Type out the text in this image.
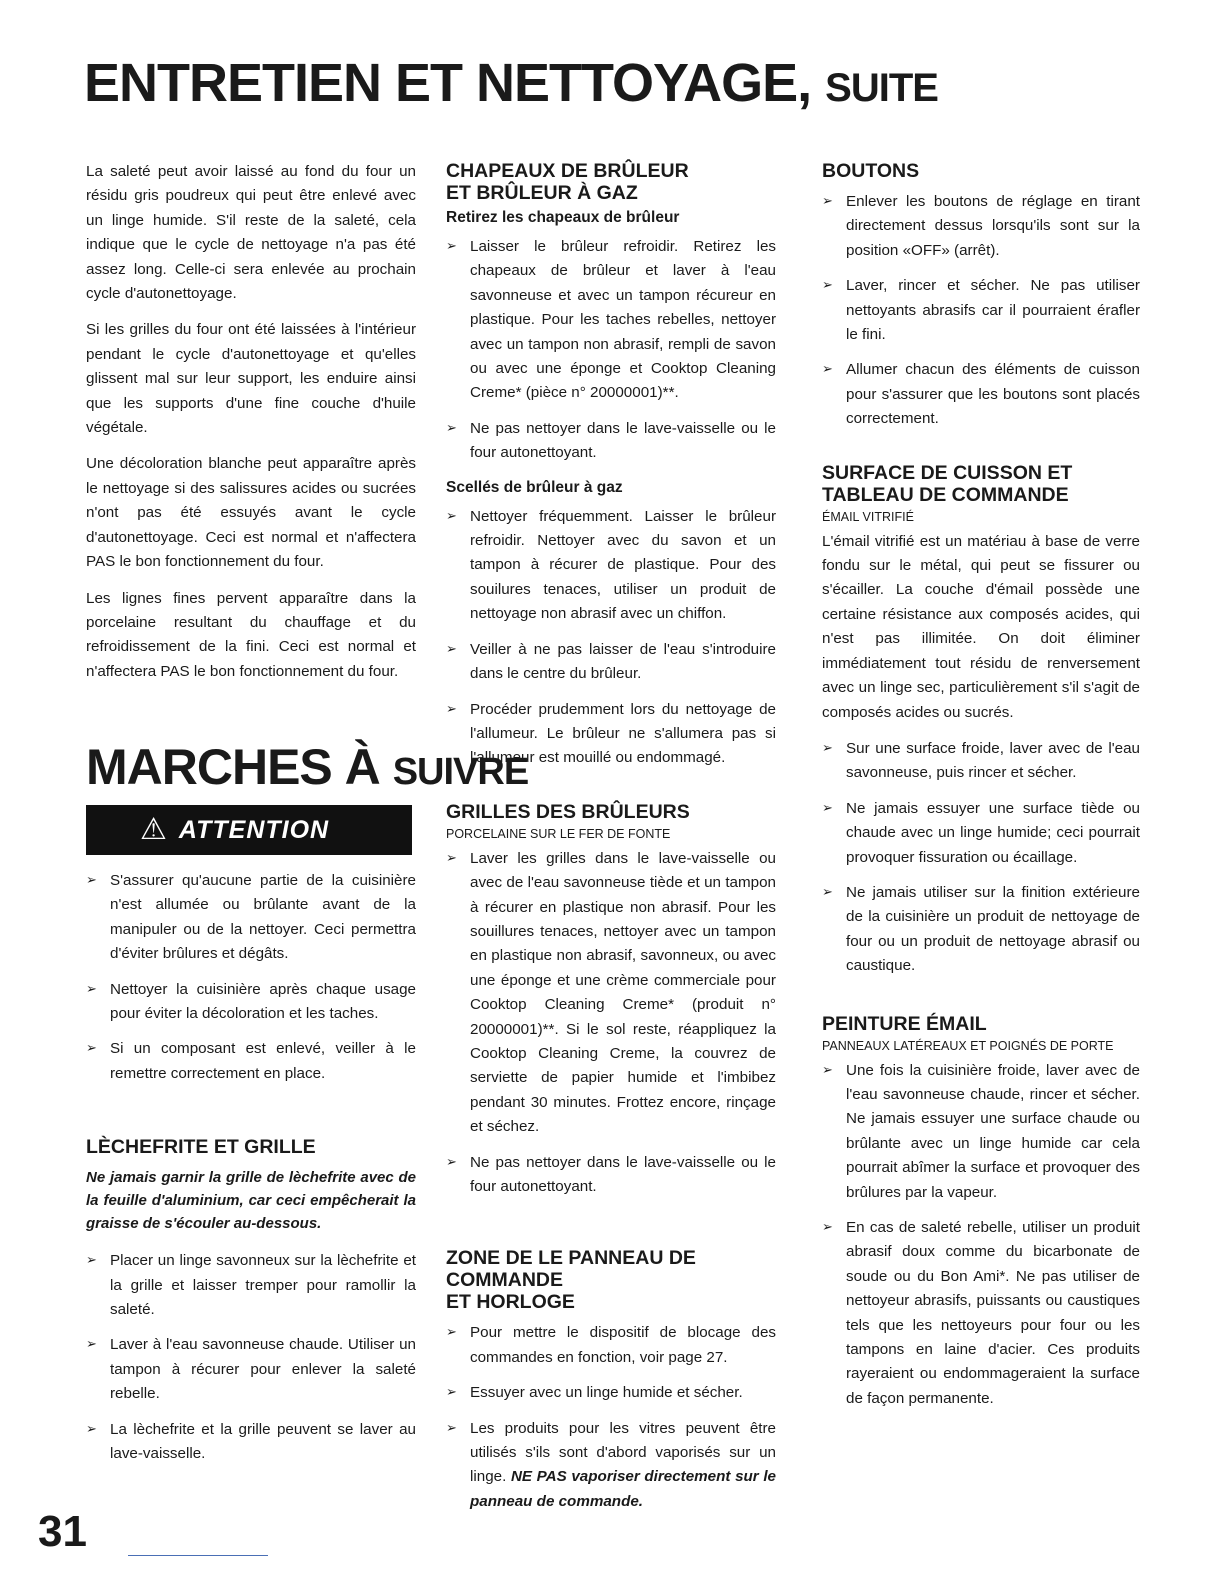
ENTRETIEN ET NETTOYAGE, SUITE

La saleté peut avoir laissé au fond du four un résidu gris poudreux qui peut être enlevé avec un linge humide. S'il reste de la saleté, cela indique que le cycle de nettoyage n'a pas été assez long. Celle-ci sera enlevée au prochain cycle d'autonettoyage.

Si les grilles du four ont été laissées à l'intérieur pendant le cycle d'autonettoyage et qu'elles glissent mal sur leur support, les enduire ainsi que les supports d'une fine couche d'huile végétale.

Une décoloration blanche peut apparaître après le nettoyage si des salissures acides ou sucrées n'ont pas été essuyés avant le cycle d'autonettoyage. Ceci est normal et n'affectera PAS le bon fonctionnement du four.

Les lignes fines pervent apparaître dans la porcelaine resultant du chauffage et du refroidissement de la fini. Ceci est normal et n'affectera PAS le bon fonctionnement du four.

MARCHES À SUIVRE
⚠ ATTENTION
➢ S'assurer qu'aucune partie de la cuisinière n'est allumée ou brûlante avant de la manipuler ou de la nettoyer. Ceci permettra d'éviter brûlures et dégâts.
➢ Nettoyer la cuisinière après chaque usage pour éviter la décoloration et les taches.
➢ Si un composant est enlevé, veiller à le remettre correctement en place.
LÈCHEFRITE ET GRILLE

Ne jamais garnir la grille de lèchefrite avec de la feuille d'aluminium, car ceci empêcherait la graisse de s'écouler au-dessous.

➢ Placer un linge savonneux sur la lèchefrite et la grille et laisser tremper pour ramollir la saleté.
➢ Laver à l'eau savonneuse chaude. Utiliser un tampon à récurer pour enlever la saleté rebelle.
➢ La lèchefrite et la grille peuvent se laver au lave-vaisselle.
CHAPEAUX DE BRÛLEUR
ET BRÛLEUR À GAZ
Retirez les chapeaux de brûleur
➢ Laisser le brûleur refroidir. Retirez les chapeaux de brûleur et laver à l'eau savonneuse et avec un tampon récureur en plastique. Pour les taches rebelles, nettoyer avec un tampon non abrasif, rempli de savon ou avec une éponge et Cooktop Cleaning Creme* (pièce n° 20000001)**.
➢ Ne pas nettoyer dans le lave-vaisselle ou le four autonettoyant.
Scellés de brûleur à gaz
➢ Nettoyer fréquemment. Laisser le brûleur refroidir. Nettoyer avec du savon et un tampon à récurer de plastique. Pour des souilures tenaces, utiliser un produit de nettoyage non abrasif avec un chiffon.
➢ Veiller à ne pas laisser de l'eau s'introduire dans le centre du brûleur.
➢ Procéder prudemment lors du nettoyage de l'allumeur. Le brûleur ne s'allumera pas si l'allumeur est mouillé ou endommagé.
GRILLES DES BRÛLEURS
PORCELAINE SUR LE FER DE FONTE
➢ Laver les grilles dans le lave-vaisselle ou avec de l'eau savonneuse tiède et un tampon à récurer en plastique non abrasif. Pour les souillures tenaces, nettoyer avec un tampon en plastique non abrasif, savonneux, ou avec une éponge et une crème commerciale pour Cooktop Cleaning Creme* (produit n° 20000001)**. Si le sol reste, réappliquez la Cooktop Cleaning Creme, la couvrez de serviette de papier humide et l'imbibez pendant 30 minutes. Frottez encore, rinçage et séchez.
➢ Ne pas nettoyer dans le lave-vaisselle ou le four autonettoyant.
ZONE DE LE PANNEAU DE COMMANDE
ET HORLOGE
➢ Pour mettre le dispositif de blocage des commandes en fonction, voir page 27.
➢ Essuyer avec un linge humide et sécher.
➢ Les produits pour les vitres peuvent être utilisés s'ils sont d'abord vaporisés sur un linge. NE PAS vaporiser directement sur le panneau de commande.
BOUTONS
➢ Enlever les boutons de réglage en tirant directement dessus lorsqu'ils sont sur la position «OFF» (arrêt).
➢ Laver, rincer et sécher. Ne pas utiliser nettoyants abrasifs car il pourraient érafler le fini.
➢ Allumer chacun des éléments de cuisson pour s'assurer que les boutons sont placés correctement.
SURFACE DE CUISSON ET
TABLEAU DE COMMANDE
ÉMAIL VITRIFIÉ

L'émail vitrifié est un matériau à base de verre fondu sur le métal, qui peut se fissurer ou s'écailler. La couche d'émail possède une certaine résistance aux composés acides, qui n'est pas illimitée. On doit éliminer immédiatement tout résidu de renversement avec un linge sec, particulièrement s'il s'agit de composés acides ou sucrés.

➢ Sur une surface froide, laver avec de l'eau savonneuse, puis rincer et sécher.
➢ Ne jamais essuyer une surface tiède ou chaude avec un linge humide; ceci pourrait provoquer fissuration ou écaillage.
➢ Ne jamais utiliser sur la finition extérieure de la cuisinière un produit de nettoyage de four ou un produit de nettoyage abrasif ou caustique.
PEINTURE ÉMAIL
PANNEAUX LATÉREAUX ET POIGNÉS DE PORTE
➢ Une fois la cuisinière froide, laver avec de l'eau savonneuse chaude, rincer et sécher. Ne jamais essuyer une surface chaude ou brûlante avec un linge humide car cela pourrait abîmer la surface et provoquer des brûlures par la vapeur.
➢ En cas de saleté rebelle, utiliser un produit abrasif doux comme du bicarbonate de soude ou du Bon Ami*. Ne pas utiliser de nettoyeur abrasifs, puissants ou caustiques tels que les nettoyeurs pour four ou les tampons en laine d'acier. Ces produits rayeraient ou endommageraient la surface de façon permanente.
31
